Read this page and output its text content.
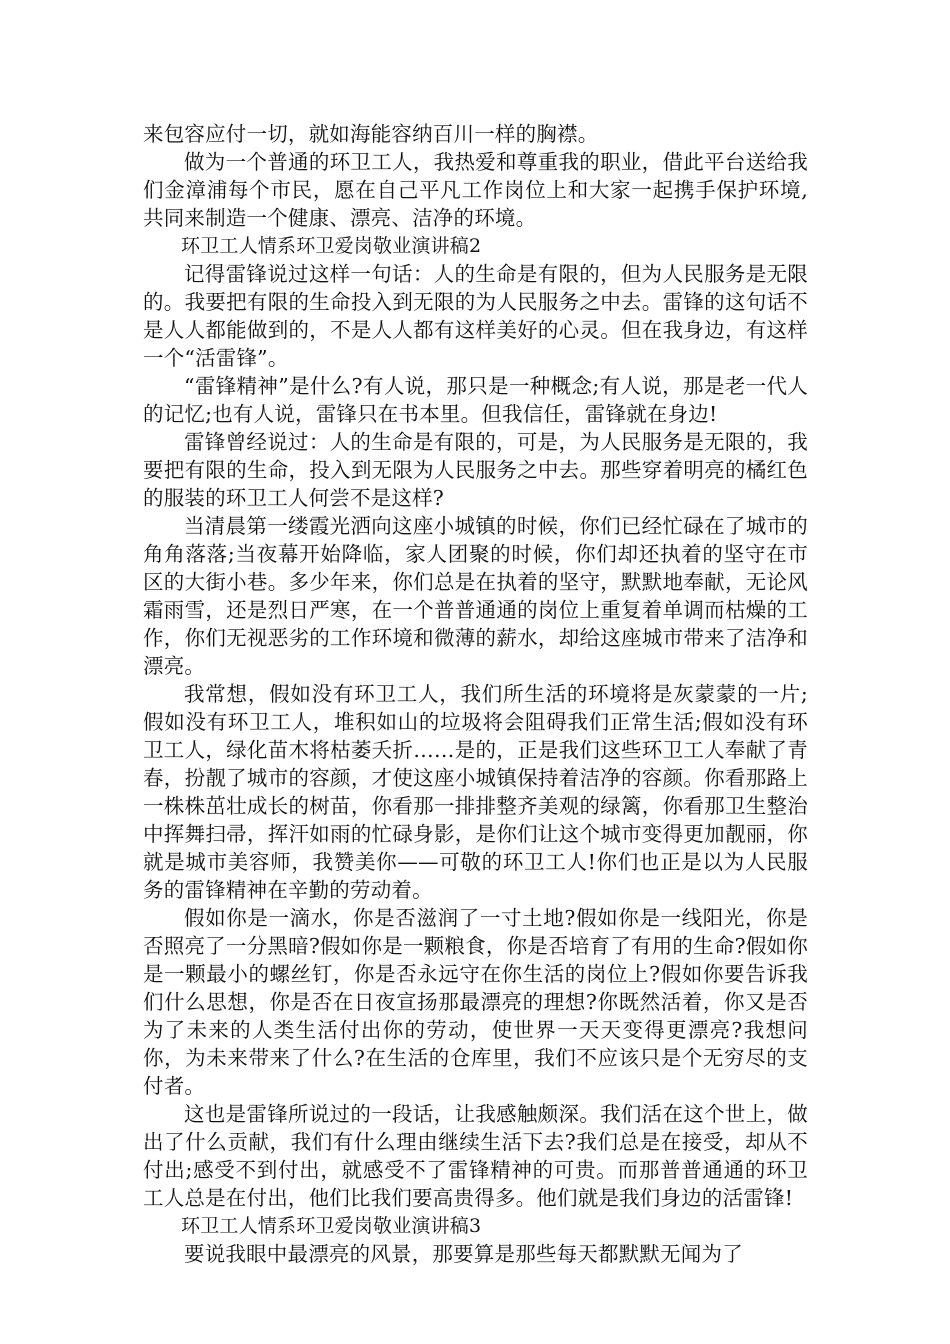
来包容应付一切，就如海能容纳百川一样的胸襟。

做为一个普通的环卫工人，我热爱和尊重我的职业，借此平台送给我们金漳浦每个市民，愿在自己平凡工作岗位上和大家一起携手保护环境,共同来制造一个健康、漂亮、洁净的环境。

环卫工人情系环卫爱岗敬业演讲稿2

记得雷锋说过这样一句话：人的生命是有限的，但为人民服务是无限的。我要把有限的生命投入到无限的为人民服务之中去。雷锋的这句话不是人人都能做到的，不是人人都有这样美好的心灵。但在我身边，有这样一个“活雷锋”。

“雷锋精神”是什么?有人说，那只是一种概念;有人说，那是老一代人的记忆;也有人说，雷锋只在书本里。但我信任，雷锋就在身边!

雷锋曾经说过：人的生命是有限的，可是，为人民服务是无限的，我要把有限的生命，投入到无限为人民服务之中去。那些穿着明亮的橘红色的服装的环卫工人何尝不是这样?

当清晨第一缕霞光洒向这座小城镇的时候，你们已经忙碌在了城市的角角落落;当夜幕开始降临，家人团聚的时候，你们却还执着的坚守在市区的大街小巷。多少年来，你们总是在执着的坚守，默默地奉献，无论风霜雨雪，还是烈日严寒，在一个普普通通的岗位上重复着单调而枯燥的工作，你们无视恶劣的工作环境和微薄的薪水，却给这座城市带来了洁净和漂亮。

我常想，假如没有环卫工人，我们所生活的环境将是灰蒙蒙的一片;假如没有环卫工人，堆积如山的垃圾将会阻碍我们正常生活;假如没有环卫工人，绿化苗木将枯萎夭折……是的，正是我们这些环卫工人奉献了青春，扮靓了城市的容颜，才使这座小城镇保持着洁净的容颜。你看那路上一株株茁壮成长的树苗，你看那一排排整齐美观的绿篱，你看那卫生整治中挥舞扫帚，挥汗如雨的忙碌身影，是你们让这个城市变得更加靓丽，你就是城市美容师，我赞美你——可敬的环卫工人!你们也正是以为人民服务的雷锋精神在辛勤的劳动着。

假如你是一滴水，你是否滋润了一寸土地?假如你是一线阳光，你是否照亮了一分黑暗?假如你是一颗粮食，你是否培育了有用的生命?假如你是一颗最小的螺丝钉，你是否永远守在你生活的岗位上?假如你要告诉我们什么思想，你是否在日夜宣扬那最漂亮的理想?你既然活着，你又是否为了未来的人类生活付出你的劳动，使世界一天天变得更漂亮?我想问你，为未来带来了什么?在生活的仓库里，我们不应该只是个无穷尽的支付者。

这也是雷锋所说过的一段话，让我感触颇深。我们活在这个世上，做出了什么贡献，我们有什么理由继续生活下去?我们总是在接受，却从不付出;感受不到付出，就感受不了雷锋精神的可贵。而那普普通通的环卫工人总是在付出，他们比我们要高贵得多。他们就是我们身边的活雷锋!

环卫工人情系环卫爱岗敬业演讲稿3

要说我眼中最漂亮的风景，那要算是那些每天都默默无闻为了
